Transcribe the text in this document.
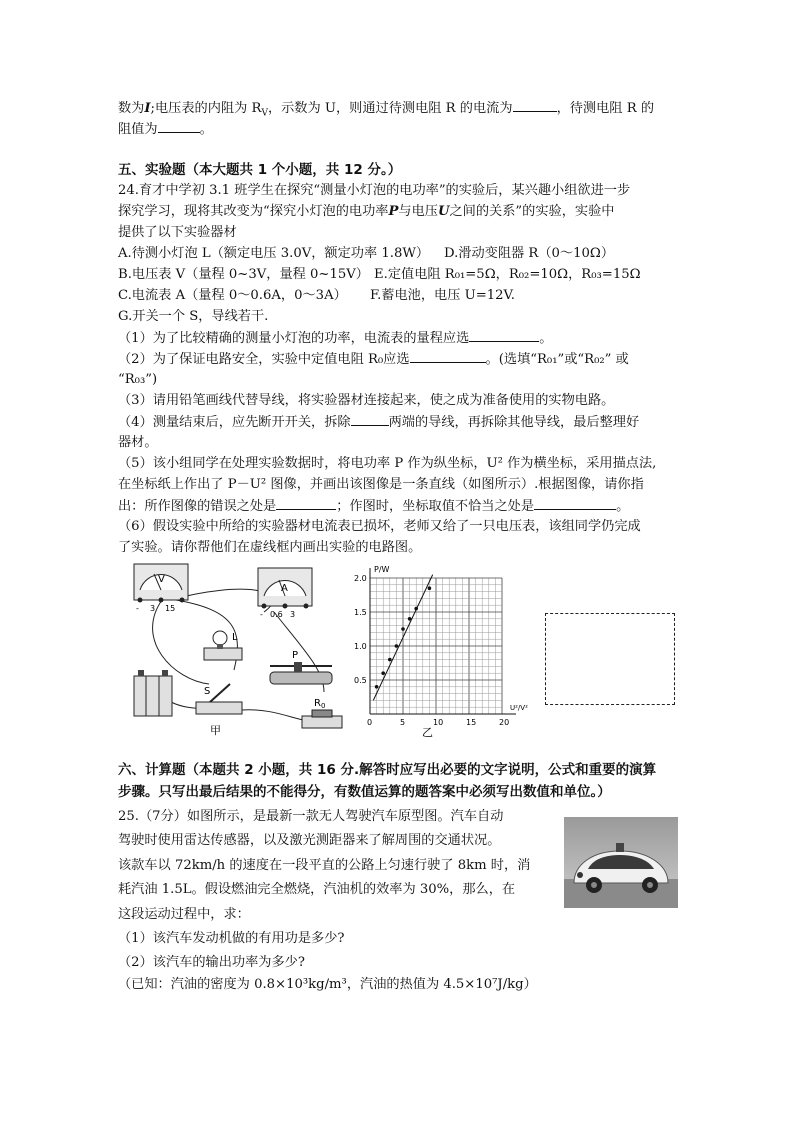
数为I;电压表的内阻为 $R_V$，示数为 U，则通过待测电阻 R 的电流为	，待测电阻 R 的
阻值为	。
五、实验题（本大题共 1 个小题，共 12 分。）
24.育才中学初 3.1 班学生在探究“测量小灯泡的电功率”的实验后，某兴趣小组欲进一步
探究学习，现将其改变为“探究小灯泡的电功率P与电压U之间的关系”的实验，实验中
提供了以下实验器材
A.待测小灯泡 L（额定电压 3.0V，额定功率 1.8W） D.滑动变阻器 R（0～10Ω）
B.电压表 V（量程 0~3V，量程 0~15V） E.定值电阻 R₀₁=5Ω，R₀₂=10Ω，R₀₃=15Ω
C.电流表 A（量程 0～0.6A，0～3A） F.蓄电池，电压 U=12V.
G.开关一个 S，导线若干.
（1）为了比较精确的测量小灯泡的功率，电流表的量程应选	。
（2）为了保证电路安全，实验中定值电阻 R₀应选	。(选填“R₀₁”或“R₀₂” 或
“R₀₃”)
（3）请用铅笔画线代替导线，将实验器材连接起来，使之成为准备使用的实物电路。
（4）测量结束后，应先断开开关，拆除	两端的导线，再拆除其他导线，最后整理好
器材。
（5）该小组同学在处理实验数据时，将电功率 P 作为纵坐标，U² 作为横坐标，采用描点法,
在坐标纸上作出了 P－U² 图像，并画出该图像是一条直线（如图所示）.根据图像，请你指
出：所作图像的错误之处是	；作图时，坐标取值不恰当之处是	。
（6）假设实验中所给的实验器材电流表已损坏，老师又给了一只电压表，该组同学仍完成
了实验。请你帮他们在虚线框内画出实验的电路图。
V
- 3 15
A
- 0.6 3
L
S
P
$R_0$
甲
0	5	10	15	20
0.5
1.0
1.5
2.0
P/W
U²/V²
乙
六、计算题（本题共 2 小题，共 16 分.解答时应写出必要的文字说明，公式和重要的演算
步骤。只写出最后结果的不能得分，有数值运算的题答案中必须写出数值和单位。）
25.（7分）如图所示，是最新一款无人驾驶汽车原型图。汽车自动
驾驶时使用雷达传感器，以及激光测距器来了解周围的交通状况。
该款车以 72km/h 的速度在一段平直的公路上匀速行驶了 8km 时，消
耗汽油 1.5L。假设燃油完全燃烧，汽油机的效率为 30%，那么，在
这段运动过程中，求：
（1）该汽车发动机做的有用功是多少?
（2）该汽车的输出功率为多少?
（已知：汽油的密度为 0.8×10³kg/m³，汽油的热值为 4.5×10⁷J/kg）
